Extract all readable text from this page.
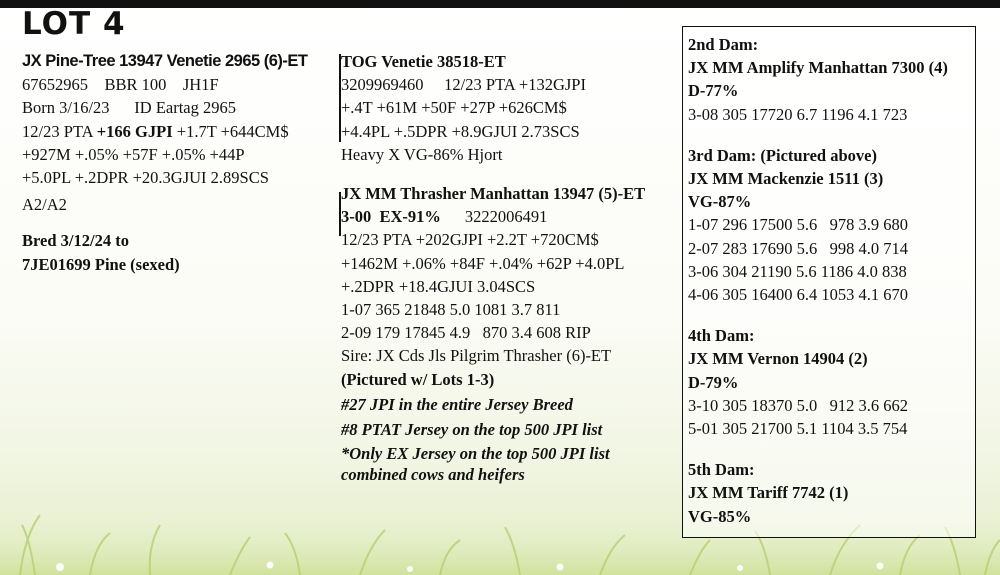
LOT 4
JX Pine-Tree 13947 Venetie 2965 (6)-ET
67652965    BBR 100    JH1F
Born 3/16/23      ID Eartag 2965
12/23 PTA +166 GJPI +1.7T +644CM$
+927M +.05% +57F +.05% +44P
+5.0PL +.2DPR +20.3GJUI 2.89SCS
A2/A2
Bred 3/12/24 to
7JE01699 Pine (sexed)
TOG Venetie 38518-ET
3209969460     12/23 PTA +132GJPI
+.4T +61M +50F +27P +626CM$
+4.4PL +.5DPR +8.9GJUI 2.73SCS
Heavy X VG-86% Hjort
JX MM Thrasher Manhattan 13947 (5)-ET
3-00  EX-91% 3222006491
12/23 PTA +202GJPI +2.2T +720CM$
+1462M +.06% +84F +.04% +62P +4.0PL
+.2DPR +18.4GJUI 3.04SCS
1-07 365 21848 5.0 1081 3.7 811
2-09 179 17845 4.9   870 3.4 608 RIP
Sire: JX Cds Jls Pilgrim Thrasher (6)-ET
(Pictured w/ Lots 1-3)
#27 JPI in the entire Jersey Breed
#8 PTAT Jersey on the top 500 JPI list
*Only EX Jersey on the top 500 JPI list
combined cows and heifers
2nd Dam:
JX MM Amplify Manhattan 7300 (4)
D-77%
3-08 305 17720 6.7 1196 4.1 723
3rd Dam: (Pictured above)
JX MM Mackenzie 1511 (3)
VG-87%
1-07 296 17500 5.6   978 3.9 680
2-07 283 17690 5.6   998 4.0 714
3-06 304 21190 5.6 1186 4.0 838
4-06 305 16400 6.4 1053 4.1 670
4th Dam:
JX MM Vernon 14904 (2)
D-79%
3-10 305 18370 5.0   912 3.6 662
5-01 305 21700 5.1 1104 3.5 754
5th Dam:
JX MM Tariff 7742 (1)
VG-85%
